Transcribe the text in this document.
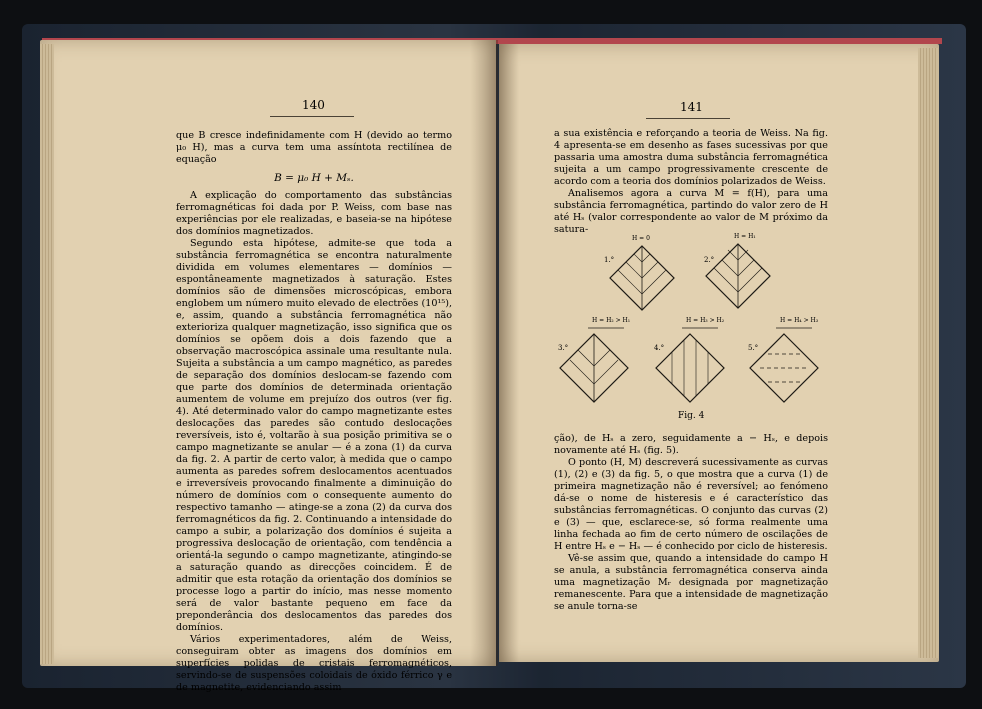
140	141

que B cresce indefinidamente com H (devido ao termo μ₀ H), mas a curva tem uma assíntota rectilínea de equação

B = μ₀ H + Mₛ.

A explicação do comportamento das substâncias ferromagnéticas foi dada por P. Weiss, com base nas experiências por ele realizadas, e baseia-se na hipótese dos domínios magnetizados.

Segundo esta hipótese, admite-se que toda a substância ferromagnética se encontra naturalmente dividida em volumes elementares — domínios — espontâneamente magnetizados à saturação. Estes domínios são de dimensões microscópicas, embora englobem um número muito elevado de electrões (10¹⁵), e, assim, quando a substância ferromagnética não exterioriza qualquer magnetização, isso significa que os domínios se opõem dois a dois fazendo que a observação macroscópica assinale uma resultante nula. Sujeita a substância a um campo magnético, as paredes de separação dos domínios deslocam-se fazendo com que parte dos domínios de determinada orientação aumentem de volume em prejuízo dos outros (ver fig. 4). Até determinado valor do campo magnetizante estes deslocações das paredes são contudo deslocações reversíveis, isto é, voltarão à sua posição primitiva se o campo magnetizante se anular — é a zona (1) da curva da fig. 2. A partir de certo valor, à medida que o campo aumenta as paredes sofrem deslocamentos acentuados e irreversíveis provocando finalmente a diminuição do número de domínios com o consequente aumento do respectivo tamanho — atinge-se a zona (2) da curva dos ferromagnéticos da fig. 2. Continuando a intensidade do campo a subir, a polarização dos domínios é sujeita a progressiva deslocação de orientação, com tendência a orientá-la segundo o campo magnetizante, atingindo-se a saturação quando as direcções coincidem. É de admitir que esta rotação da orientação dos domínios se processe logo a partir do início, mas nesse momento será de valor bastante pequeno em face da preponderância dos deslocamentos das paredes dos domínios.

Vários experimentadores, além de Weiss, conseguiram obter as imagens dos domínios em superfícies polidas de cristais ferromagnéticos, servindo-se de suspensões coloidais de óxido férrico γ e de magnetite, evidenciando assim

a sua existência e reforçando a teoria de Weiss. Na fig. 4 apresenta-se em desenho as fases sucessivas por que passaria uma amostra duma substância ferromagnética sujeita a um campo progressivamente crescente de acordo com a teoria dos domínios polarizados de Weiss.

Analisemos agora a curva M = f(H), para uma substância ferromagnética, partindo do valor zero de H até Hₛ (valor correspondente ao valor de M próximo da satura-

1.°
H = 0
2.°
H = H₁
3.°
H = H₂ > H₁
4.°
H = H₃ > H₂
5.°
H = H₄ > H₃
Fig. 4

ção), de Hₛ a zero, seguidamente a − Hₛ, e depois novamente até Hₛ (fig. 5).

O ponto (H, M) descreverá sucessivamente as curvas (1), (2) e (3) da fig. 5, o que mostra que a curva (1) de primeira magnetização não é reversível; ao fenómeno dá-se o nome de histeresis e é característico das substâncias ferromagnéticas. O conjunto das curvas (2) e (3) — que, esclarece-se, só forma realmente uma linha fechada ao fim de certo número de oscilações de H entre Hₛ e − Hₛ — é conhecido por ciclo de histeresis.

Vê-se assim que, quando a intensidade do campo H se anula, a substância ferromagnética conserva ainda uma magnetização Mᵣ designada por magnetização remanescente. Para que a intensidade de magnetização se anule torna-se
